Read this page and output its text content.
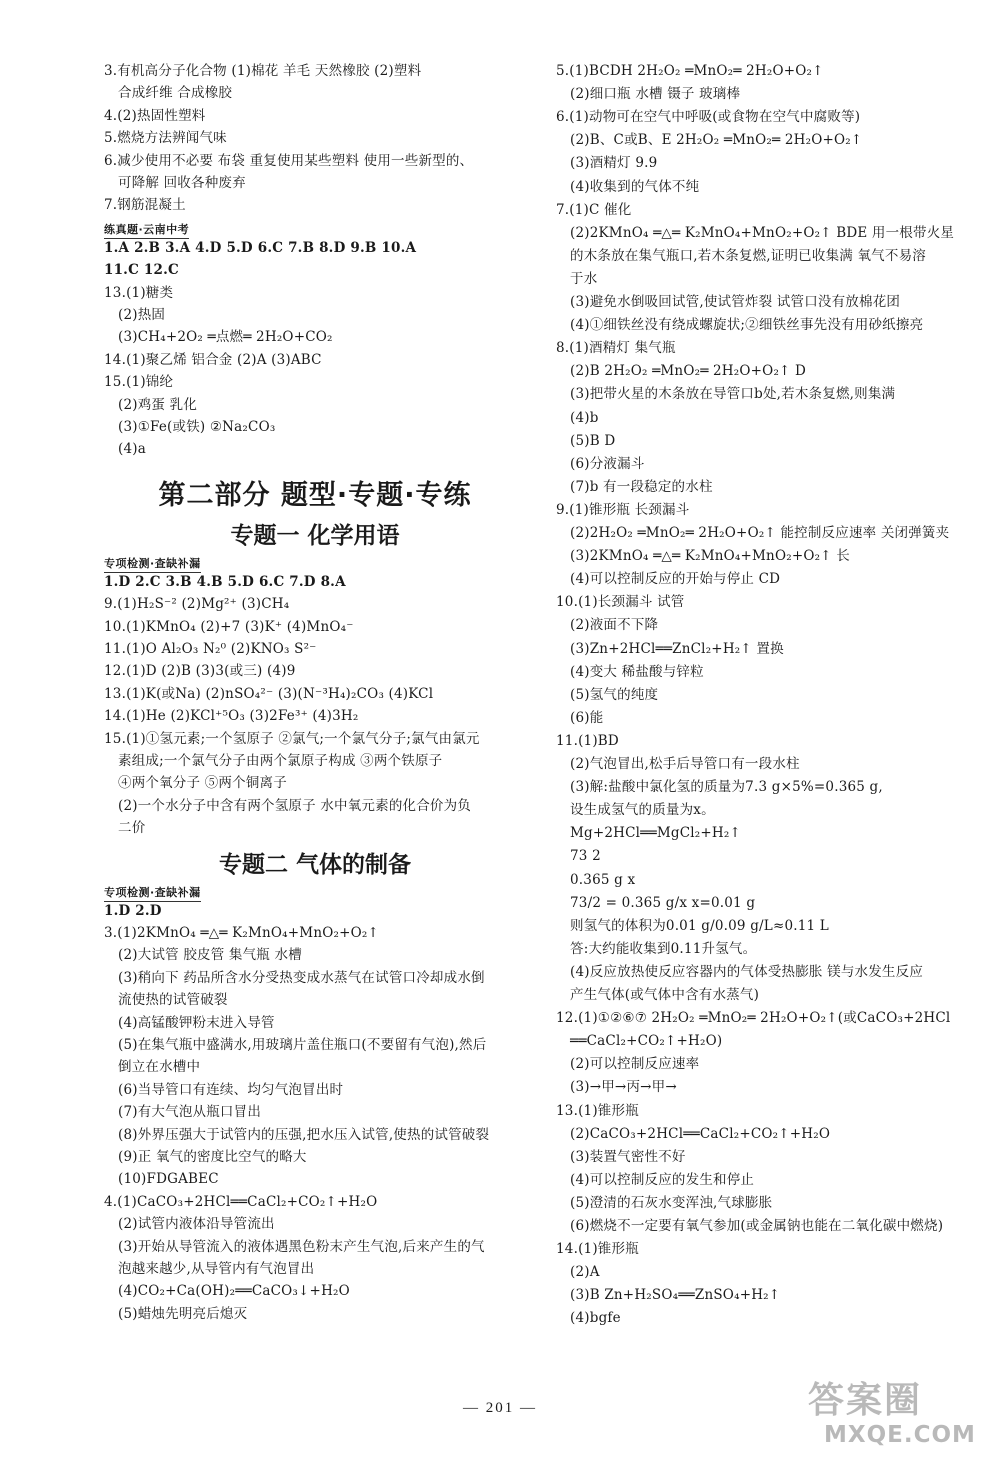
3.有机高分子化合物 (1)棉花 羊毛 天然橡胶 (2)塑料
合成纤维 合成橡胶
4.(2)热固性塑料
5.燃烧方法辨闻气味
6.减少使用不必要 布袋 重复使用某些塑料 使用一些新型的、
可降解 回收各种废弃
7.钢筋混凝土
练真题·云南中考
1.A 2.B 3.A 4.D 5.D 6.C 7.B 8.D 9.B 10.A
11.C 12.C
13.(1)糖类
(2)热固
(3)CH₄+2O₂ ═点燃═ 2H₂O+CO₂
14.(1)聚乙烯 铝合金 (2)A (3)ABC
15.(1)锦纶
(2)鸡蛋 乳化
(3)①Fe(或铁) ②Na₂CO₃
(4)a
第二部分 题型·专题·专练
专题一 化学用语
专项检测·查缺补漏
1.D 2.C 3.B 4.B 5.D 6.C 7.D 8.A
9.(1)H₂S⁻² (2)Mg²⁺ (3)CH₄
10.(1)KMnO₄ (2)+7 (3)K⁺ (4)MnO₄⁻
11.(1)O Al₂O₃ N₂⁰ (2)KNO₃ S²⁻
12.(1)D (2)B (3)3(或三) (4)9
13.(1)K(或Na) (2)nSO₄²⁻ (3)(N⁻³H₄)₂CO₃ (4)KCl
14.(1)He (2)KCl⁺⁵O₃ (3)2Fe³⁺ (4)3H₂
15.(1)①氢元素;一个氢原子 ②氯气;一个氯气分子;氯气由氯元
素组成;一个氯气分子由两个氯原子构成 ③两个铁原子
④两个氧分子 ⑤两个铜离子
(2)一个水分子中含有两个氢原子 水中氧元素的化合价为负
二价
专题二 气体的制备
专项检测·查缺补漏
1.D 2.D
3.(1)2KMnO₄ ═△═ K₂MnO₄+MnO₂+O₂↑
(2)大试管 胶皮管 集气瓶 水槽
(3)稍向下 药品所含水分受热变成水蒸气在试管口冷却成水倒
流使热的试管破裂
(4)高锰酸钾粉末进入导管
(5)在集气瓶中盛满水,用玻璃片盖住瓶口(不要留有气泡),然后
倒立在水槽中
(6)当导管口有连续、均匀气泡冒出时
(7)有大气泡从瓶口冒出
(8)外界压强大于试管内的压强,把水压入试管,使热的试管破裂
(9)正 氧气的密度比空气的略大
(10)FDGABEC
4.(1)CaCO₃+2HCl══CaCl₂+CO₂↑+H₂O
(2)试管内液体沿导管流出
(3)开始从导管流入的液体遇黑色粉末产生气泡,后来产生的气
泡越来越少,从导管内有气泡冒出
(4)CO₂+Ca(OH)₂══CaCO₃↓+H₂O
(5)蜡烛先明亮后熄灭
5.(1)BCDH 2H₂O₂ ═MnO₂═ 2H₂O+O₂↑
(2)细口瓶 水槽 镊子 玻璃棒
6.(1)动物可在空气中呼吸(或食物在空气中腐败等)
(2)B、C或B、E 2H₂O₂ ═MnO₂═ 2H₂O+O₂↑
(3)酒精灯 9.9
(4)收集到的气体不纯
7.(1)C 催化
(2)2KMnO₄ ═△═ K₂MnO₄+MnO₂+O₂↑ BDE 用一根带火星
的木条放在集气瓶口,若木条复燃,证明已收集满 氧气不易溶
于水
(3)避免水倒吸回试管,使试管炸裂 试管口没有放棉花团
(4)①细铁丝没有绕成螺旋状;②细铁丝事先没有用砂纸擦亮
8.(1)酒精灯 集气瓶
(2)B 2H₂O₂ ═MnO₂═ 2H₂O+O₂↑ D
(3)把带火星的木条放在导管口b处,若木条复燃,则集满
(4)b
(5)B D
(6)分液漏斗
(7)b 有一段稳定的水柱
9.(1)锥形瓶 长颈漏斗
(2)2H₂O₂ ═MnO₂═ 2H₂O+O₂↑ 能控制反应速率 关闭弹簧夹
(3)2KMnO₄ ═△═ K₂MnO₄+MnO₂+O₂↑ 长
(4)可以控制反应的开始与停止 CD
10.(1)长颈漏斗 试管
(2)液面不下降
(3)Zn+2HCl══ZnCl₂+H₂↑ 置换
(4)变大 稀盐酸与锌粒
(5)氢气的纯度
(6)能
11.(1)BD
(2)气泡冒出,松手后导管口有一段水柱
(3)解:盐酸中氯化氢的质量为7.3 g×5%=0.365 g,
设生成氢气的质量为x。
Mg+2HCl══MgCl₂+H₂↑
73 2
0.365 g x
73/2 = 0.365 g/x x=0.01 g
则氢气的体积为0.01 g/0.09 g/L≈0.11 L
答:大约能收集到0.11升氢气。
(4)反应放热使反应容器内的气体受热膨胀 镁与水发生反应
产生气体(或气体中含有水蒸气)
12.(1)①②⑥⑦ 2H₂O₂ ═MnO₂═ 2H₂O+O₂↑(或CaCO₃+2HCl
══CaCl₂+CO₂↑+H₂O)
(2)可以控制反应速率
(3)→甲→丙→甲→
13.(1)锥形瓶
(2)CaCO₃+2HCl══CaCl₂+CO₂↑+H₂O
(3)装置气密性不好
(4)可以控制反应的发生和停止
(5)澄清的石灰水变浑浊,气球膨胀
(6)燃烧不一定要有氧气参加(或金属钠也能在二氧化碳中燃烧)
14.(1)锥形瓶
(2)A
(3)B Zn+H₂SO₄══ZnSO₄+H₂↑
(4)bgfe
— 201 —	答案圈
MXQE.COM
